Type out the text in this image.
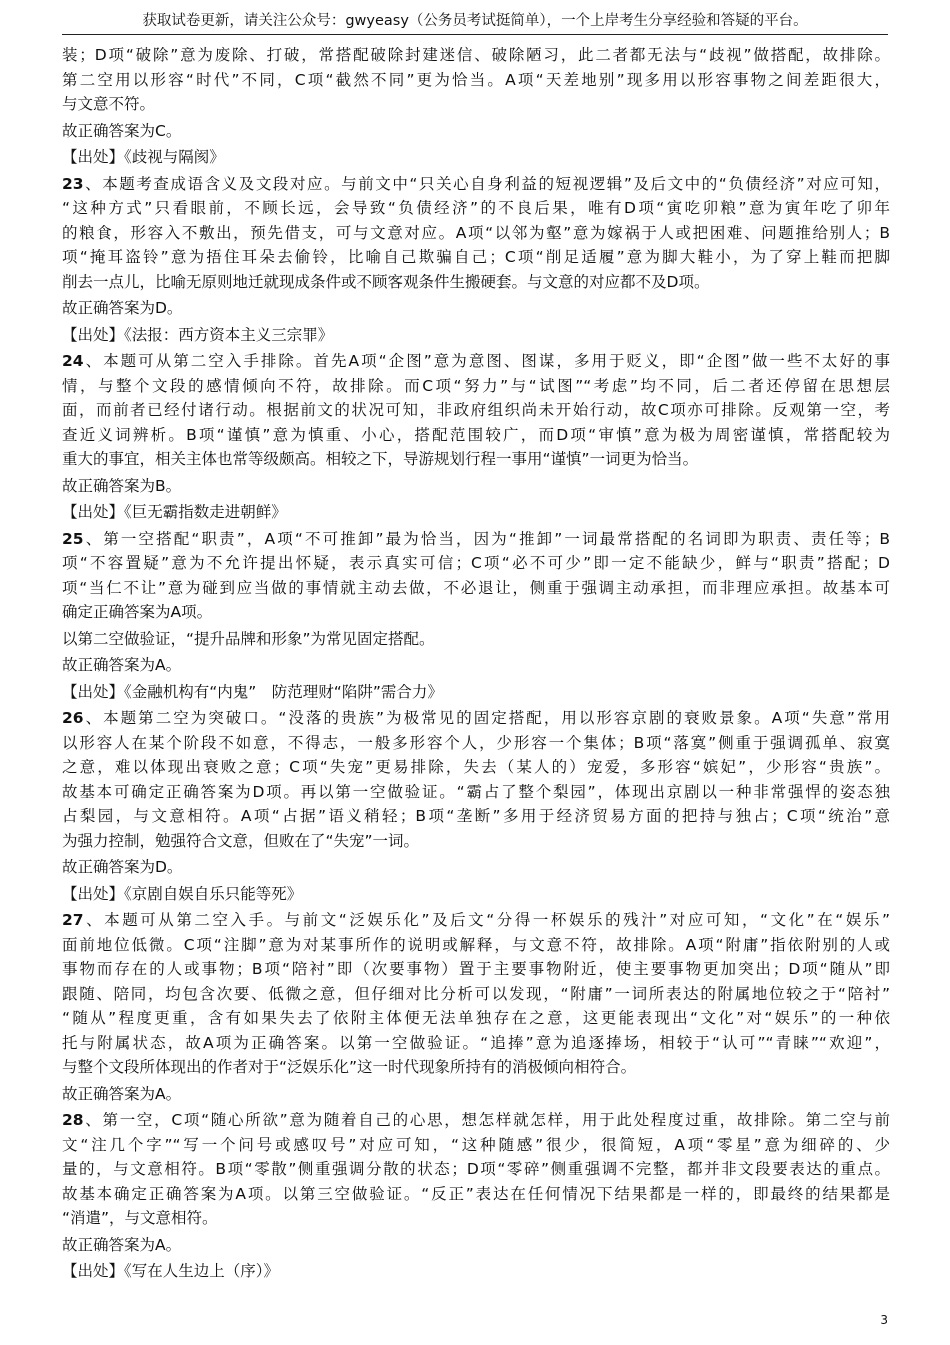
获取试卷更新，请关注公众号：gwyeasy（公务员考试挺简单），一个上岸考生分享经验和答疑的平台。
装；D项“破除”意为废除、打破，常搭配破除封建迷信、破除陋习，此二者都无法与“歧视”做搭配，故排除。
第二空用以形容“时代”不同，C项“截然不同”更为恰当。A项“天差地别”现多用以形容事物之间差距很大，
与文意不符。
故正确答案为C。
【出处】《歧视与隔阂》
23、本题考查成语含义及文段对应。与前文中“只关心自身利益的短视逻辑”及后文中的“负债经济”对应可知，
“这种方式”只看眼前，不顾长远，会导致“负债经济”的不良后果，唯有D项“寅吃卯粮”意为寅年吃了卯年
的粮食，形容入不敷出，预先借支，可与文意对应。A项“以邻为壑”意为嫁祸于人或把困难、问题推给别人；B
项“掩耳盗铃”意为捂住耳朵去偷铃，比喻自己欺骗自己；C项“削足适履”意为脚大鞋小，为了穿上鞋而把脚
削去一点儿，比喻无原则地迁就现成条件或不顾客观条件生搬硬套。与文意的对应都不及D项。
故正确答案为D。
【出处】《法报：西方资本主义三宗罪》
24、本题可从第二空入手排除。首先A项“企图”意为意图、图谋，多用于贬义，即“企图”做一些不太好的事
情，与整个文段的感情倾向不符，故排除。而C项“努力”与“试图”“考虑”均不同，后二者还停留在思想层
面，而前者已经付诸行动。根据前文的状况可知，非政府组织尚未开始行动，故C项亦可排除。反观第一空，考
查近义词辨析。B项“谨慎”意为慎重、小心，搭配范围较广，而D项“审慎”意为极为周密谨慎，常搭配较为
重大的事宜，相关主体也常等级颇高。相较之下，导游规划行程一事用“谨慎”一词更为恰当。
故正确答案为B。
【出处】《巨无霸指数走进朝鲜》
25、第一空搭配“职责”，A项“不可推卸”最为恰当，因为“推卸”一词最常搭配的名词即为职责、责任等；B
项“不容置疑”意为不允许提出怀疑，表示真实可信；C项“必不可少”即一定不能缺少，鲜与“职责”搭配；D
项“当仁不让”意为碰到应当做的事情就主动去做，不必退让，侧重于强调主动承担，而非理应承担。故基本可
确定正确答案为A项。
以第二空做验证，“提升品牌和形象”为常见固定搭配。
故正确答案为A。
【出处】《金融机构有“内鬼”　防范理财“陷阱”需合力》
26、本题第二空为突破口。“没落的贵族”为极常见的固定搭配，用以形容京剧的衰败景象。A项“失意”常用
以形容人在某个阶段不如意，不得志，一般多形容个人，少形容一个集体；B项“落寞”侧重于强调孤单、寂寞
之意，难以体现出衰败之意；C项“失宠”更易排除，失去（某人的）宠爱，多形容“嫔妃”，少形容“贵族”。
故基本可确定正确答案为D项。再以第一空做验证。“霸占了整个梨园”，体现出京剧以一种非常强悍的姿态独
占梨园，与文意相符。A项“占据”语义稍轻；B项“垄断”多用于经济贸易方面的把持与独占；C项“统治”意
为强力控制，勉强符合文意，但败在了“失宠”一词。
故正确答案为D。
【出处】《京剧自娱自乐只能等死》
27、本题可从第二空入手。与前文“泛娱乐化”及后文“分得一杯娱乐的残汁”对应可知，“文化”在“娱乐”
面前地位低微。C项“注脚”意为对某事所作的说明或解释，与文意不符，故排除。A项“附庸”指依附别的人或
事物而存在的人或事物；B项“陪衬”即（次要事物）置于主要事物附近，使主要事物更加突出；D项“随从”即
跟随、陪同，均包含次要、低微之意，但仔细对比分析可以发现，“附庸”一词所表达的附属地位较之于“陪衬”
“随从”程度更重，含有如果失去了依附主体便无法单独存在之意，这更能表现出“文化”对“娱乐”的一种依
托与附属状态，故A项为正确答案。以第一空做验证。“追捧”意为追逐捧场，相较于“认可”“青睐”“欢迎”，
与整个文段所体现出的作者对于“泛娱乐化”这一时代现象所持有的消极倾向相符合。
故正确答案为A。
28、第一空，C项“随心所欲”意为随着自己的心思，想怎样就怎样，用于此处程度过重，故排除。第二空与前
文“注几个字”“写一个问号或感叹号”对应可知，“这种随感”很少，很简短，A项“零星”意为细碎的、少
量的，与文意相符。B项“零散”侧重强调分散的状态；D项“零碎”侧重强调不完整，都并非文段要表达的重点。
故基本确定正确答案为A项。以第三空做验证。“反正”表达在任何情况下结果都是一样的，即最终的结果都是
“消遣”，与文意相符。
故正确答案为A。
【出处】《写在人生边上（序）》
3
